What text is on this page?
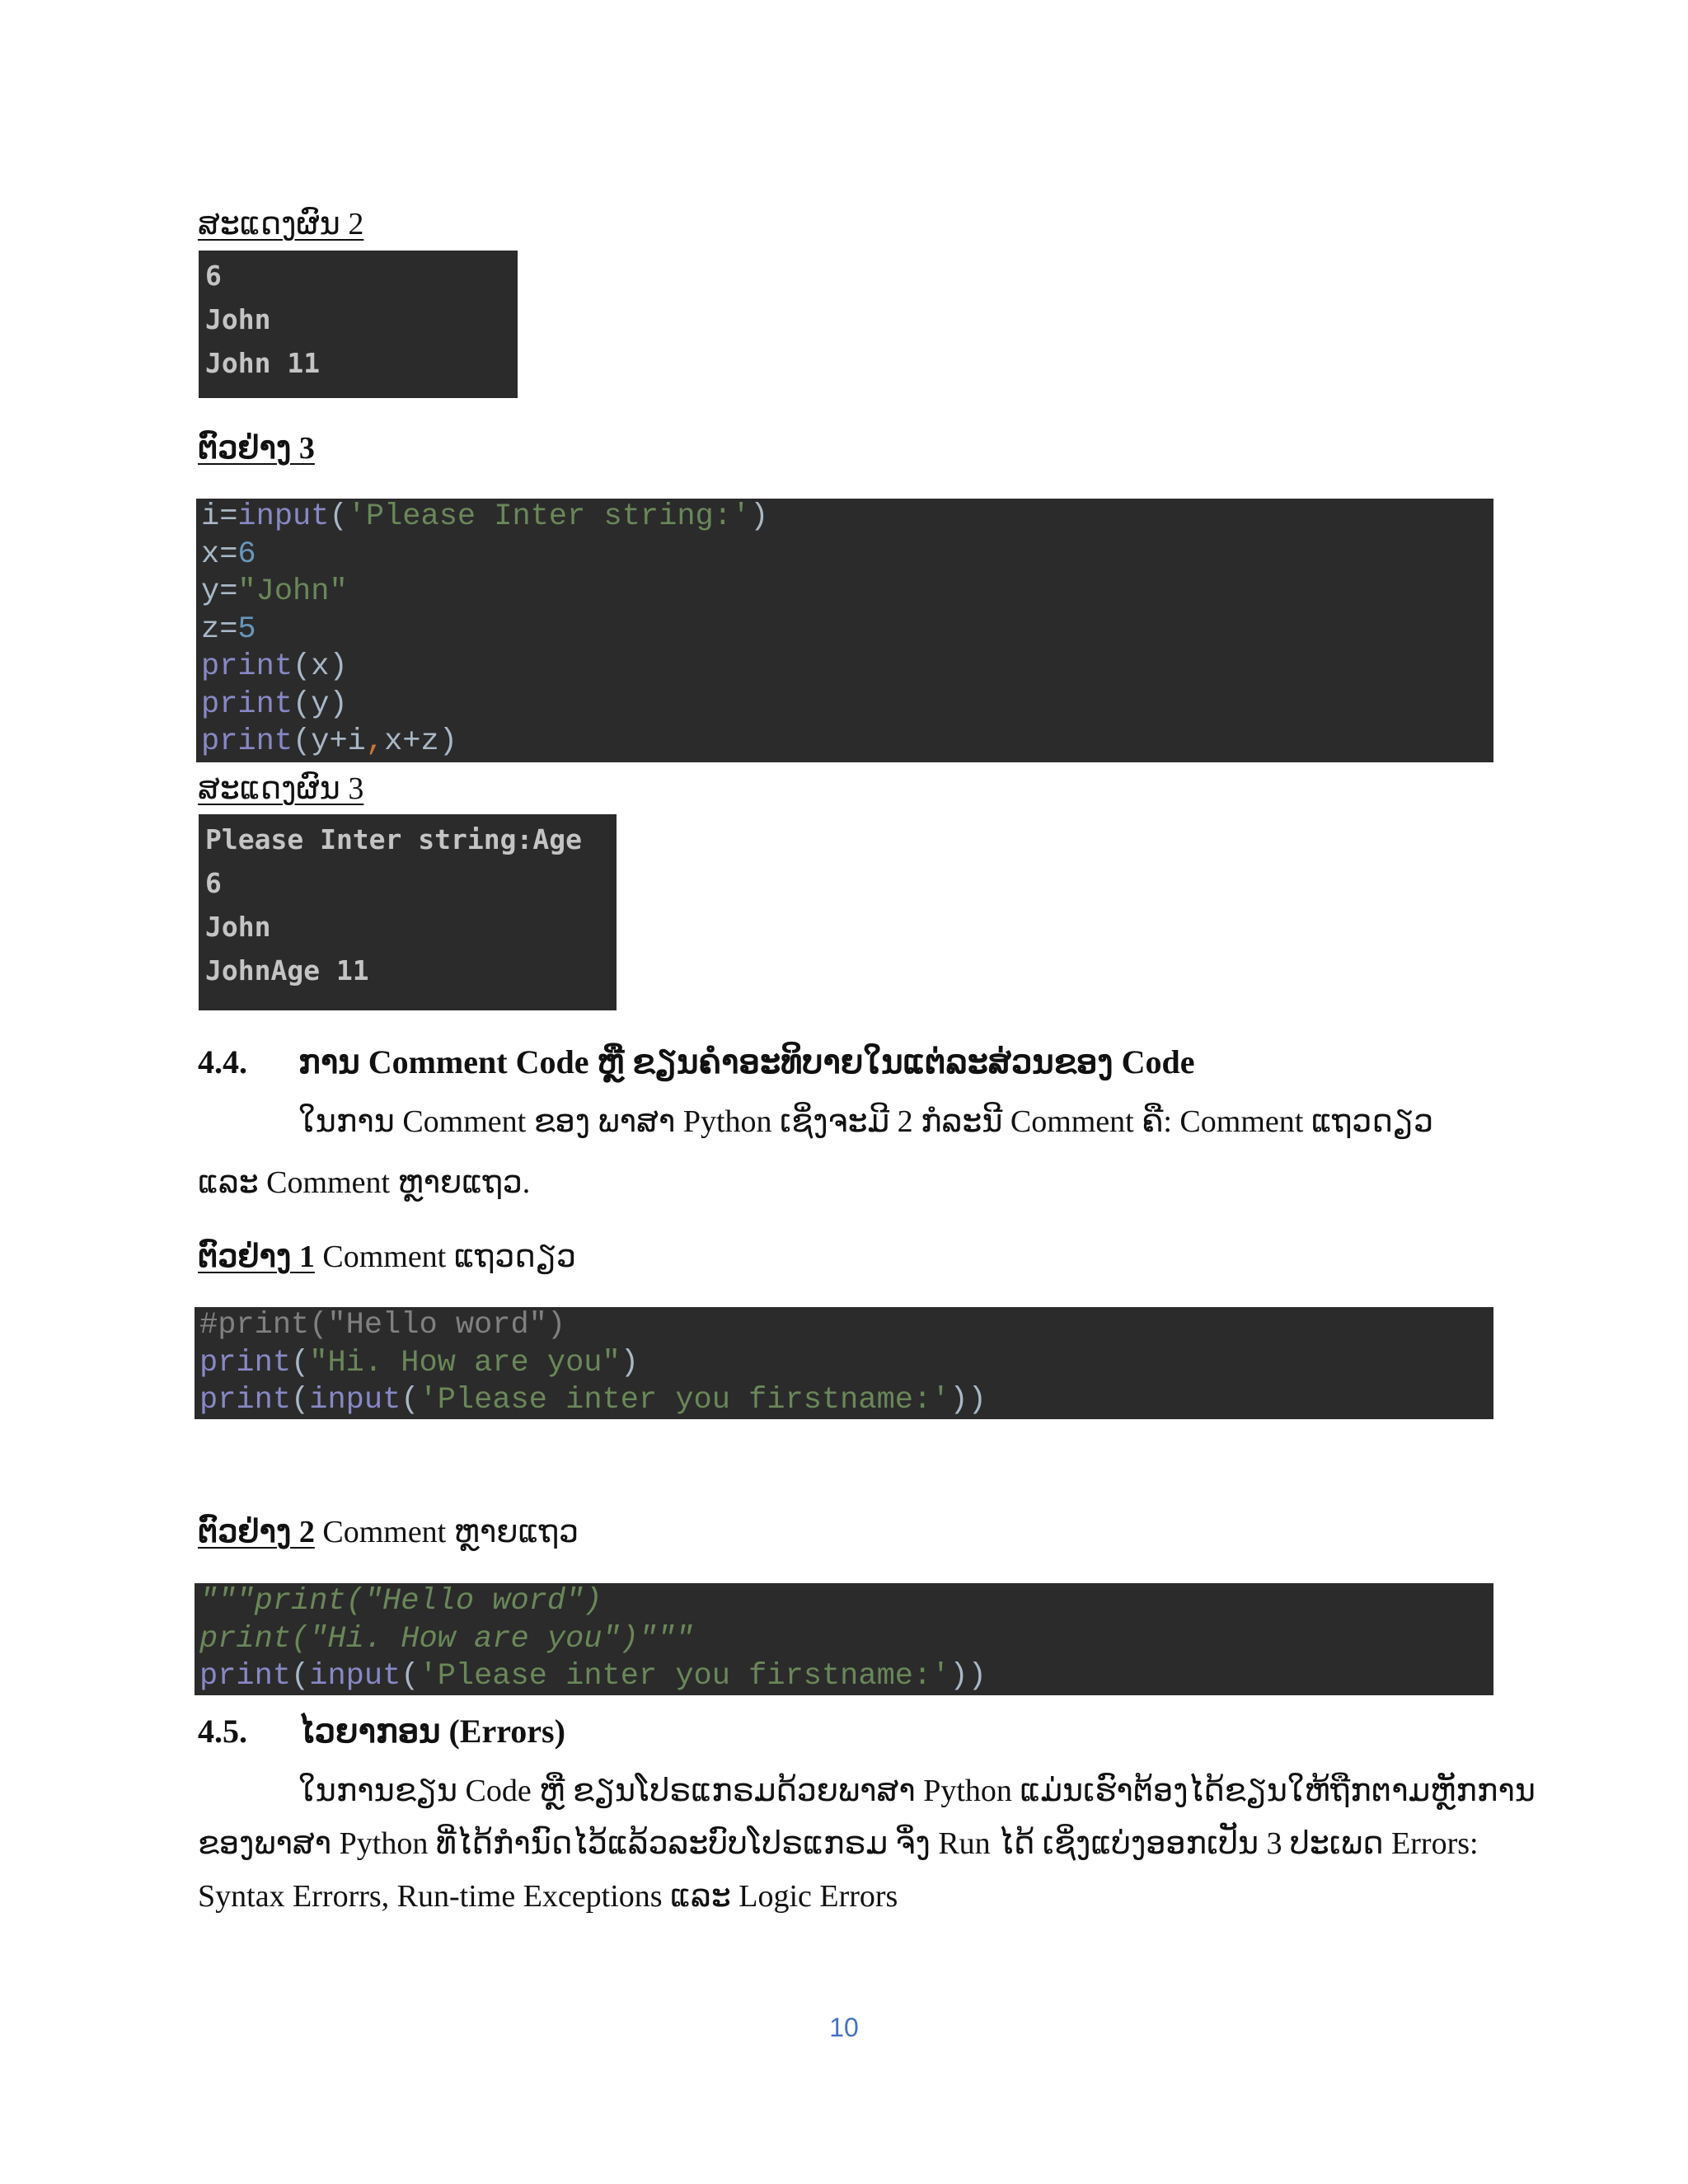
ສະແດງຜົນ 2
6
John
John 11
ຕົວຢ່າງ 3
i=input('Please Inter string:')
x=6
y="John"
z=5
print(x)
print(y)
print(y+i,x+z)
ສະແດງຜົນ 3
Please Inter string:Age
6
John
JohnAge 11
4.4. ການ Comment Code ຫຼື ຂຽນຄຳອະທິບາຍໃນແຕ່ລະສ່ວນຂອງ Code
ໃນການ Comment ຂອງ ພາສາ Python ເຊິ່ງຈະມີ 2 ກໍລະນີ Comment ຄື: Comment ແຖວດຽວ
ແລະ Comment ຫຼາຍແຖວ.
ຕົວຢ່າງ 1 Comment ແຖວດຽວ
#print("Hello word")
print("Hi. How are you")
print(input('Please inter you firstname:'))
ຕົວຢ່າງ 2 Comment ຫຼາຍແຖວ
"""print("Hello word")
print("Hi. How are you")"""
print(input('Please inter you firstname:'))
4.5. ໄວຍາກອນ (Errors)
ໃນການຂຽນ Code ຫຼື ຂຽນໂປຣແກຣມດ້ວຍພາສາ Python ແມ່ນເຮົາຕ້ອງໄດ້ຂຽນໃຫ້ຖືກຕາມຫຼັກການ
ຂອງພາສາ Python ທີ່ໄດ້ກຳນົດໄວ້ແລ້ວລະບົບໂປຣແກຣມ ຈຶ່ງ Run ໄດ້ ເຊິ່ງແບ່ງອອກເປັນ 3 ປະເພດ Errors:
Syntax Errorrs, Run-time Exceptions ແລະ Logic Errors
10
